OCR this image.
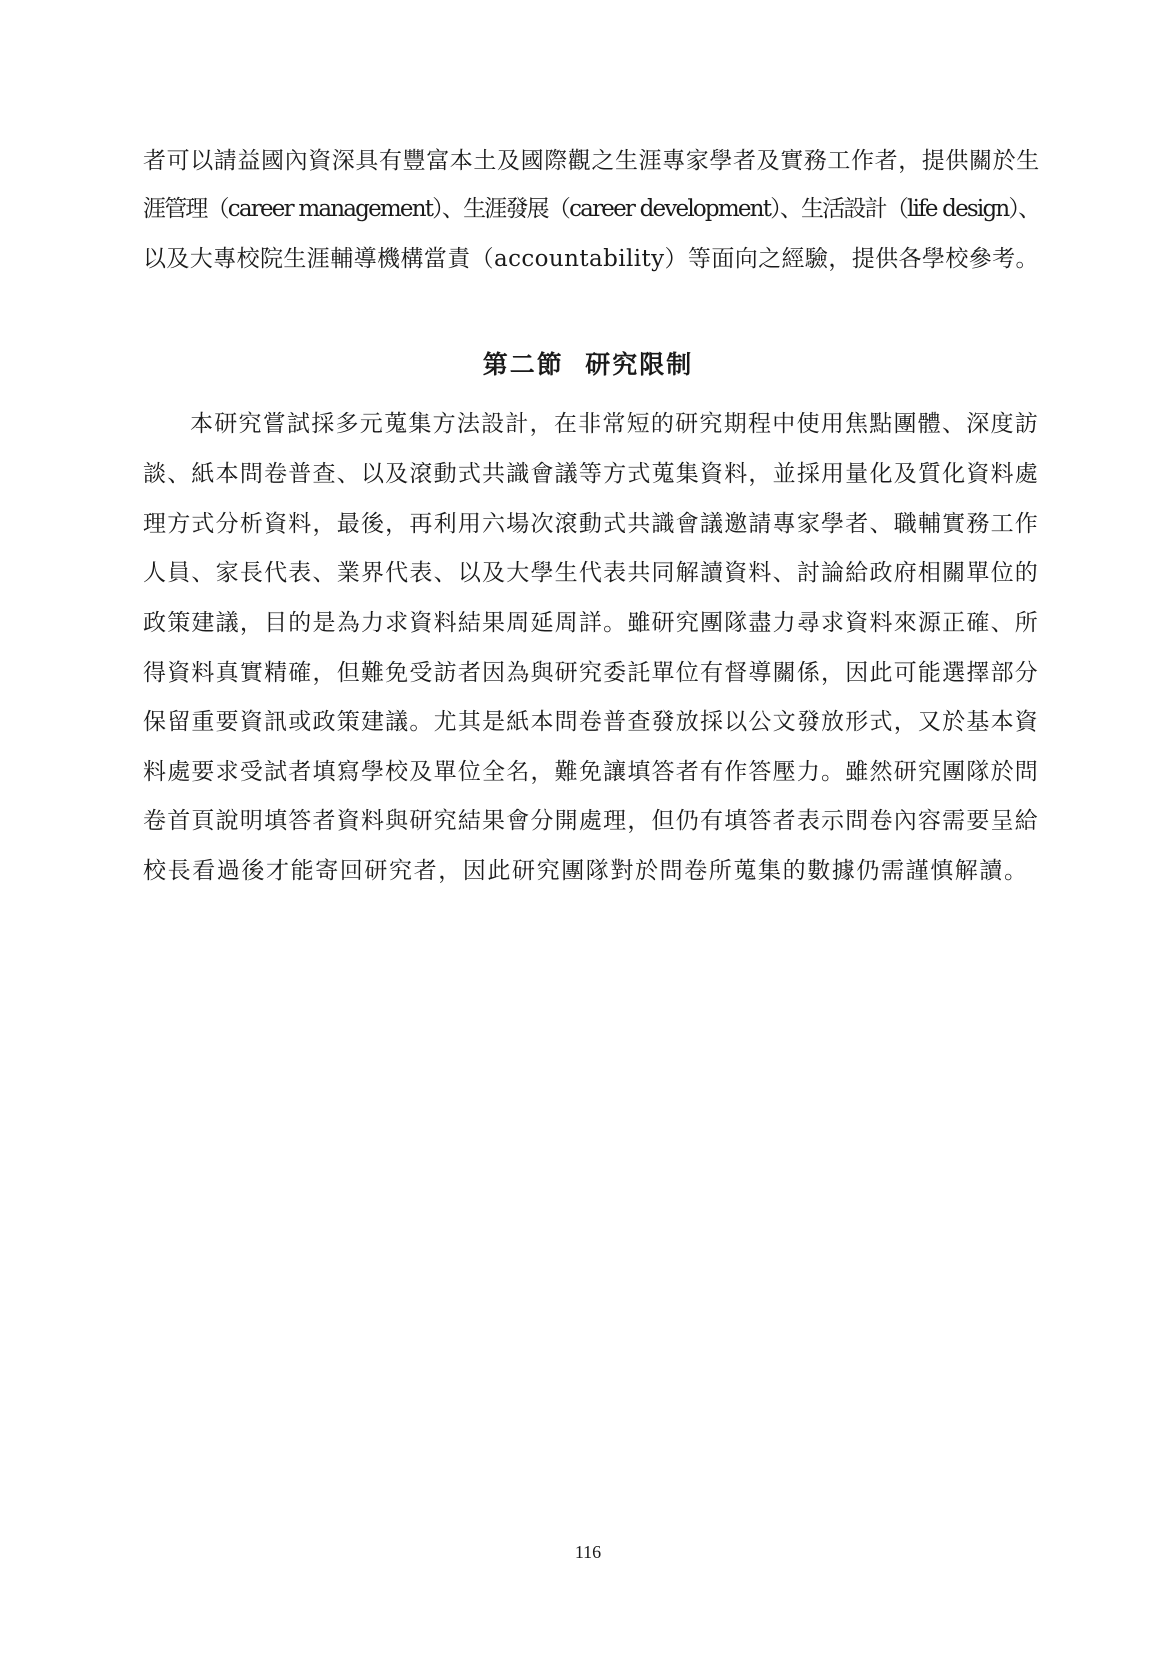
者可以請益國內資深具有豐富本土及國際觀之生涯專家學者及實務工作者，提供關於生
涯管理（career management）、生涯發展（career development）、生活設計（life design）、
以及大專校院生涯輔導機構當責（accountability）等面向之經驗，提供各學校參考。
第二節  研究限制
本研究嘗試採多元蒐集方法設計，在非常短的研究期程中使用焦點團體、深度訪
談、紙本問卷普查、以及滾動式共識會議等方式蒐集資料，並採用量化及質化資料處
理方式分析資料，最後，再利用六場次滾動式共識會議邀請專家學者、職輔實務工作
人員、家長代表、業界代表、以及大學生代表共同解讀資料、討論給政府相關單位的
政策建議，目的是為力求資料結果周延周詳。雖研究團隊盡力尋求資料來源正確、所
得資料真實精確，但難免受訪者因為與研究委託單位有督導關係，因此可能選擇部分
保留重要資訊或政策建議。尤其是紙本問卷普查發放採以公文發放形式，又於基本資
料處要求受試者填寫學校及單位全名，難免讓填答者有作答壓力。雖然研究團隊於問
卷首頁說明填答者資料與研究結果會分開處理，但仍有填答者表示問卷內容需要呈給
校長看過後才能寄回研究者，因此研究團隊對於問卷所蒐集的數據仍需謹慎解讀。
116
